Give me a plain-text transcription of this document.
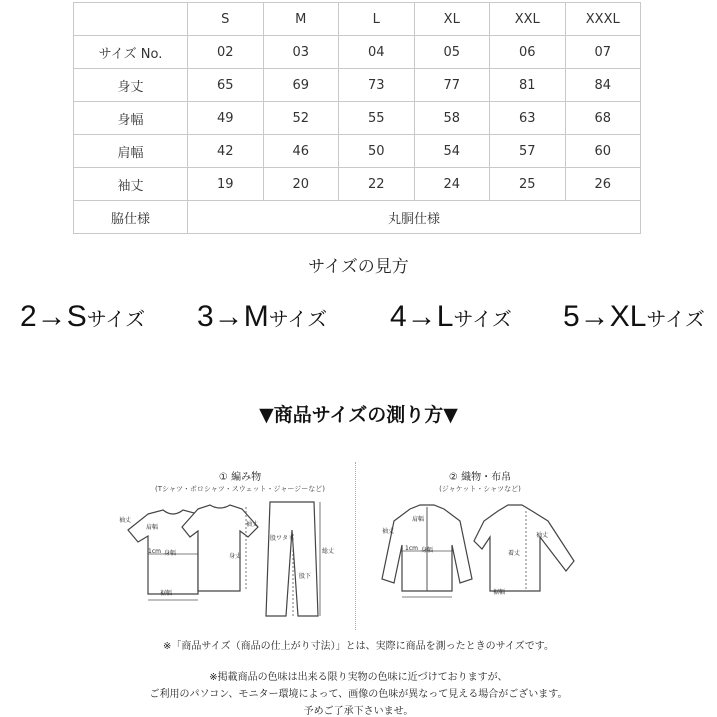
	S	M	L	XL	XXL	XXXL
サイズ No.	02	03	04	05	06	07
身丈	65	69	73	77	81	84
身幅	49	52	55	58	63	68
肩幅	42	46	50	54	57	60
袖丈	19	20	22	24	25	26
脇仕様	丸胴仕様					
サイズの見方
2→Sサイズ 3→Mサイズ 4→Lサイズ 5→XLサイズ
▼商品サイズの測り方▼
① 編み物
(Tシャツ・ポロシャツ・スウェット・ジャージーなど)
② 織物・布帛
(ジャケット・シャツなど)
袖丈
肩幅
1cm 身幅	身丈
裾幅
袖丈
股ワタリ
股下
総丈
肩幅
袖丈
1cm 身幅	着丈
裾幅
袖丈
※「商品サイズ（商品の仕上がり寸法）」とは、実際に商品を測ったときのサイズです。
※掲載商品の色味は出来る限り実物の色味に近づけておりますが、
ご利用のパソコン、モニター環境によって、画像の色味が異なって見える場合がございます。
予めご了承下さいませ。
